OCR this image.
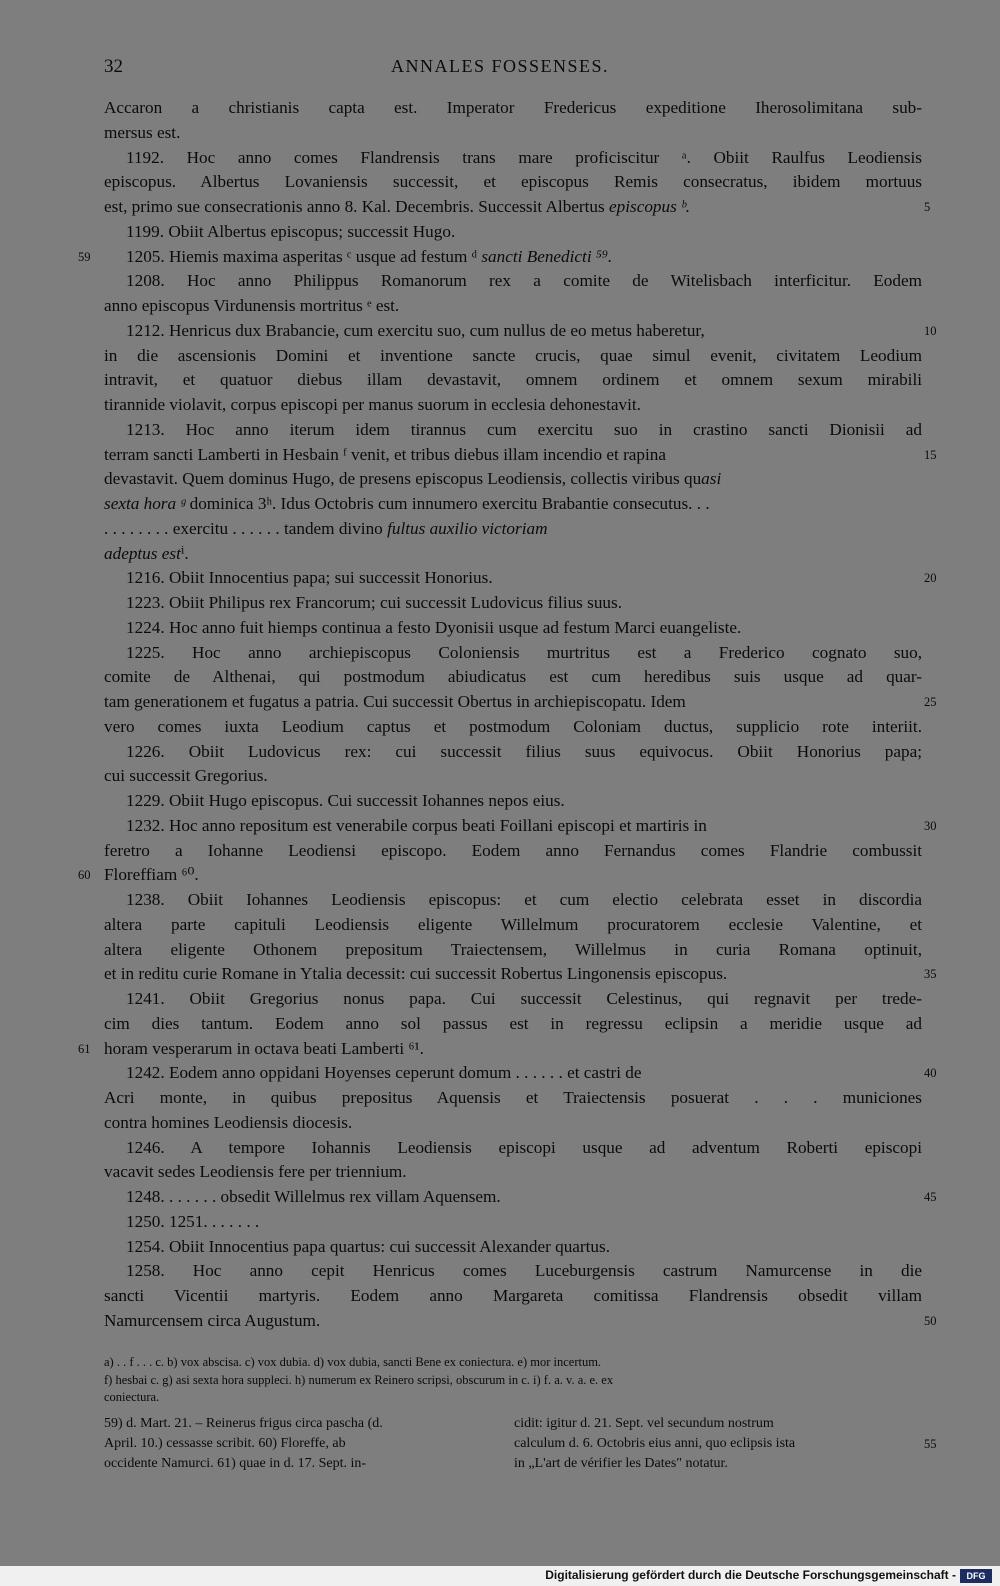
32	ANNALES FOSSENSES.
Accaron a christianis capta est. Imperator Fredericus expeditione Iherosolimitana sub-
mersus est.
1192. Hoc anno comes Flandrensis trans mare proficiscitur ᵃ. Obiit Raulfus Leodiensis
episcopus. Albertus Lovaniensis successit, et episcopus Remis consecratus, ibidem mortuus
est, primo sue consecrationis anno 8. Kal. Decembris. Successit Albertus episcopus ᵇ.	5
1199. Obiit Albertus episcopus; successit Hugo.
59 1205. Hiemis maxima asperitas ᶜ usque ad festum ᵈ sancti Benedicti ⁵⁹.
1208. Hoc anno Philippus Romanorum rex a comite de Witelisbach interficitur. Eodem
anno episcopus Virdunensis mortritus ᵉ est.
1212. Henricus dux Brabancie, cum exercitu suo, cum nullus de eo metus haberetur,	10
in die ascensionis Domini et inventione sancte crucis, quae simul evenit, civitatem Leodium
intravit, et quatuor diebus illam devastavit, omnem ordinem et omnem sexum mirabili
tirannide violavit, corpus episcopi per manus suorum in ecclesia dehonestavit.
1213. Hoc anno iterum idem tirannus cum exercitu suo in crastino sancti Dionisii ad
terram sancti Lamberti in Hesbain ᶠ venit, et tribus diebus illam incendio et rapina	15
devastavit. Quem dominus Hugo, de presens episcopus Leodiensis, collectis viribus quasi
sexta hora ᵍ dominica 3ʰ. Idus Octobris cum innumero exercitu Brabantie consecutus. . .
. . . . . . . . exercitu . . . . . . tandem divino fultus auxilio victoriam
adeptus estⁱ.
1216. Obiit Innocentius papa; sui successit Honorius.	20
1223. Obiit Philipus rex Francorum; cui successit Ludovicus filius suus.
1224. Hoc anno fuit hiemps continua a festo Dyonisii usque ad festum Marci euangeliste.
1225. Hoc anno archiepiscopus Coloniensis murtritus est a Frederico cognato suo,
comite de Althenai, qui postmodum abiudicatus est cum heredibus suis usque ad quar-
tam generationem et fugatus a patria. Cui successit Obertus in archiepiscopatu. Idem	25
vero comes iuxta Leodium captus et postmodum Coloniam ductus, supplicio rote interiit.
1226. Obiit Ludovicus rex: cui successit filius suus equivocus. Obiit Honorius papa;
cui successit Gregorius.
1229. Obiit Hugo episcopus. Cui successit Iohannes nepos eius.
1232. Hoc anno repositum est venerabile corpus beati Foillani episcopi et martiris in	30
feretro a Iohanne Leodiensi episcopo. Eodem anno Fernandus comes Flandrie combussit
60 Floreffiam ⁶⁰.
1238. Obiit Iohannes Leodiensis episcopus: et cum electio celebrata esset in discordia
altera parte capituli Leodiensis eligente Willelmum procuratorem ecclesie Valentine, et
altera eligente Othonem prepositum Traiectensem, Willelmus in curia Romana optinuit,
et in reditu curie Romane in Ytalia decessit: cui successit Robertus Lingonensis episcopus.	35
1241. Obiit Gregorius nonus papa. Cui successit Celestinus, qui regnavit per trede-
cim dies tantum. Eodem anno sol passus est in regressu eclipsin a meridie usque ad
61 horam vesperarum in octava beati Lamberti ⁶¹.
1242. Eodem anno oppidani Hoyenses ceperunt domum . . . . . . et castri de	40
Acri monte, in quibus prepositus Aquensis et Traiectensis posuerat . . . municiones
contra homines Leodiensis diocesis.
1246. A tempore Iohannis Leodiensis episcopi usque ad adventum Roberti episcopi
vacavit sedes Leodiensis fere per triennium.
1248. . . . . . . obsedit Willelmus rex villam Aquensem.	45
1250. 1251. . . . . . .
1254. Obiit Innocentius papa quartus: cui successit Alexander quartus.
1258. Hoc anno cepit Henricus comes Luceburgensis castrum Namurcense in die
sancti Vicentii martyris. Eodem anno Margareta comitissa Flandrensis obsedit villam
Namurcensem circa Augustum.	50
a) . . f . . . c. b) vox abscisa. c) vox dubia. d) vox dubia, sancti Bene ex coniectura. e) mor incertum.
f) hesbai c. g) asi sexta hora suppleci. h) numerum ex Reinero scripsi, obscurum in c. i) f. a. v. a. e. ex
coniectura.
59) d. Mart. 21. – Reinerus frigus circa pascha (d.	cidit: igitur d. 21. Sept. vel secundum nostrum
April. 10.) cessasse scribit. 60) Floreffe, ab	calculum d. 6. Octobris eius anni, quo eclipsis ista	55
occidente Namurci. 61) quae in d. 17. Sept. in-	in „L'art de vérifier les Dates" notatur.
Digitalisierung gefördert durch die Deutsche Forschungsgemeinschaft -	DFG
